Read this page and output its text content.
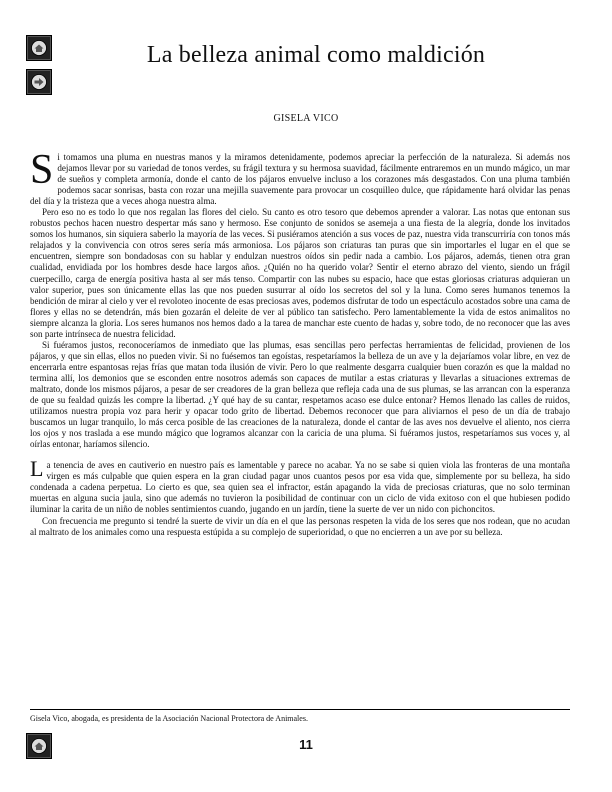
La belleza animal como maldición

GISELA VICO

Si tomamos una pluma en nuestras manos y la miramos detenidamente, podemos apreciar la perfección de la naturaleza. Si además nos dejamos llevar por su variedad de tonos verdes, su frágil textura y su hermosa suavidad, fácilmente entraremos en un mundo mágico, un mar de sueños y completa armonía, donde el canto de los pájaros envuelve incluso a los corazones más desgastados. Con una pluma también podemos sacar sonrisas, basta con rozar una mejilla suavemente para provocar un cosquilleo dulce, que rápidamente hará olvidar las penas del día y la tristeza que a veces ahoga nuestra alma.

Pero eso no es todo lo que nos regalan las flores del cielo. Su canto es otro tesoro que debemos aprender a valorar. Las notas que entonan sus robustos pechos hacen nuestro despertar más sano y hermoso. Ese conjunto de sonidos se asemeja a una fiesta de la alegría, donde los invitados somos los humanos, sin siquiera saberlo la mayoría de las veces. Si pusiéramos atención a sus voces de paz, nuestra vida transcurriría con tonos más relajados y la convivencia con otros seres sería más armoniosa. Los pájaros son criaturas tan puras que sin importarles el lugar en el que se encuentren, siempre son bondadosas con su hablar y endulzan nuestros oídos sin pedir nada a cambio. Los pájaros, además, tienen otra gran cualidad, envidiada por los hombres desde hace largos años. ¿Quién no ha querido volar? Sentir el eterno abrazo del viento, siendo un frágil cuerpecillo, carga de energía positiva hasta al ser más tenso. Compartir con las nubes su espacio, hace que estas gloriosas criaturas adquieran un valor superior, pues son únicamente ellas las que nos pueden susurrar al oído los secretos del sol y la luna. Como seres humanos tenemos la bendición de mirar al cielo y ver el revoloteo inocente de esas preciosas aves, podemos disfrutar de todo un espectáculo acostados sobre una cama de flores y ellas no se detendrán, más bien gozarán el deleite de ver al público tan satisfecho. Pero lamentablemente la vida de estos animalitos no siempre alcanza la gloria. Los seres humanos nos hemos dado a la tarea de manchar este cuento de hadas y, sobre todo, de no reconocer que las aves son parte intrínseca de nuestra felicidad.

Si fuéramos justos, reconoceríamos de inmediato que las plumas, esas sencillas pero perfectas herramientas de felicidad, provienen de los pájaros, y que sin ellas, ellos no pueden vivir. Si no fuésemos tan egoístas, respetaríamos la belleza de un ave y la dejaríamos volar libre, en vez de encerrarla entre espantosas rejas frías que matan toda ilusión de vivir. Pero lo que realmente desgarra cualquier buen corazón es que la maldad no termina allí, los demonios que se esconden entre nosotros además son capaces de mutilar a estas criaturas y llevarlas a situaciones extremas de maltrato, donde los mismos pájaros, a pesar de ser creadores de la gran belleza que refleja cada una de sus plumas, se las arrancan con la esperanza de que su fealdad quizás les compre la libertad. ¿Y qué hay de su cantar, respetamos acaso ese dulce entonar? Hemos llenado las calles de ruidos, utilizamos nuestra propia voz para herir y opacar todo grito de libertad. Debemos reconocer que para aliviarnos el peso de un día de trabajo buscamos un lugar tranquilo, lo más cerca posible de las creaciones de la naturaleza, donde el cantar de las aves nos devuelve el aliento, nos cierra los ojos y nos traslada a ese mundo mágico que logramos alcanzar con la caricia de una pluma. Si fuéramos justos, respetaríamos sus voces y, al oírlas entonar, haríamos silencio.

La tenencia de aves en cautiverio en nuestro país es lamentable y parece no acabar. Ya no se sabe si quien viola las fronteras de una montaña virgen es más culpable que quien espera en la gran ciudad pagar unos cuantos pesos por esa vida que, simplemente por su belleza, ha sido condenada a cadena perpetua. Lo cierto es que, sea quien sea el infractor, están apagando la vida de preciosas criaturas, que no solo terminan muertas en alguna sucia jaula, sino que además no tuvieron la posibilidad de continuar con un ciclo de vida exitoso con el que hubiesen podido iluminar la carita de un niño de nobles sentimientos cuando, jugando en un jardín, tiene la suerte de ver un nido con pichoncitos.

Con frecuencia me pregunto si tendré la suerte de vivir un día en el que las personas respeten la vida de los seres que nos rodean, que no acudan al maltrato de los animales como una respuesta estúpida a su complejo de superioridad, o que no encierren a un ave por su belleza.

Gisela Vico, abogada, es presidenta de la Asociación Nacional Protectora de Animales.
11
